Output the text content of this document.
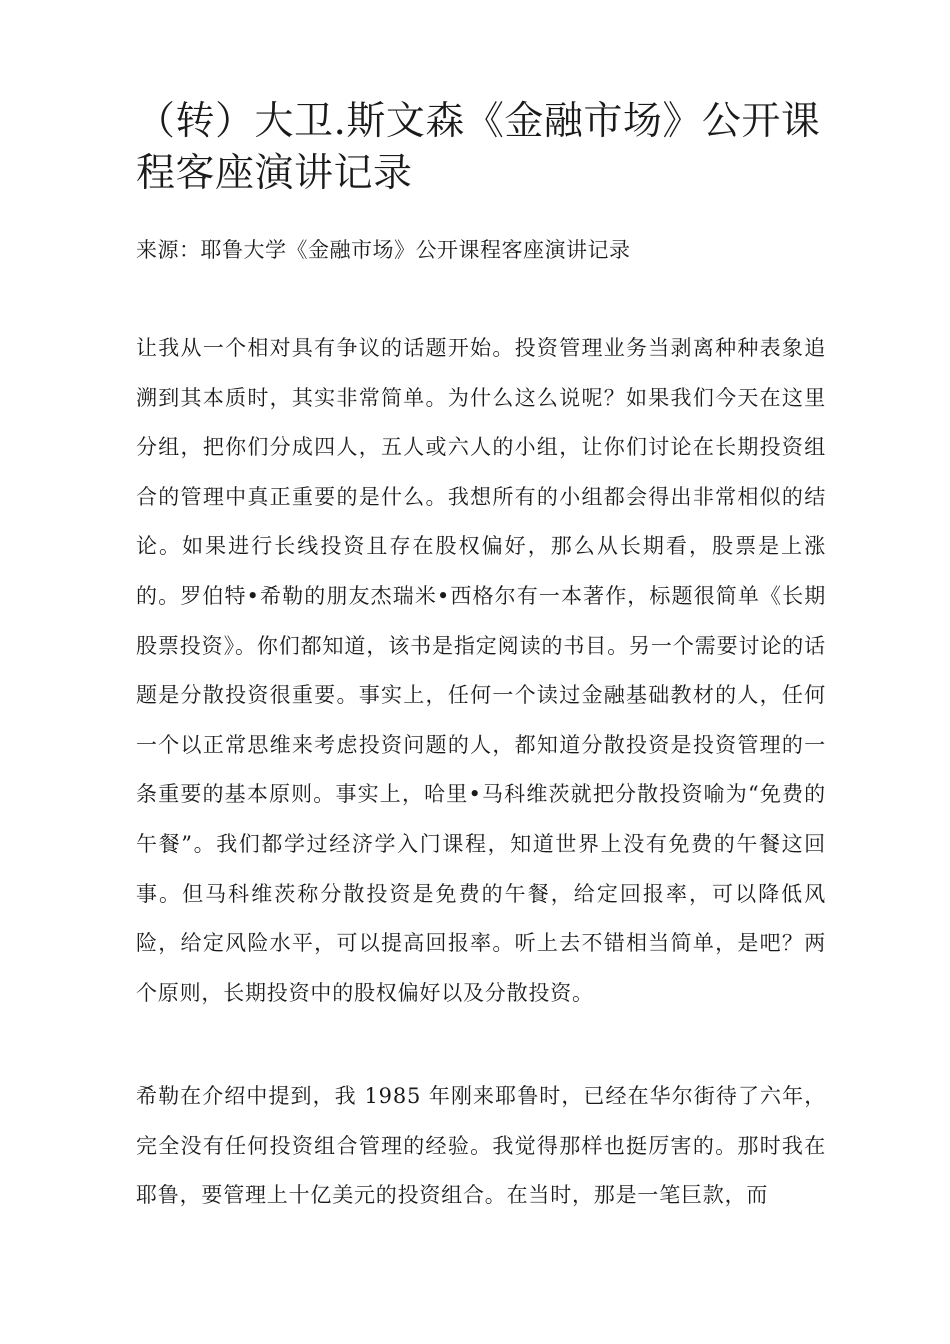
（转）大卫.斯文森《金融市场》公开课程客座演讲记录

来源：耶鲁大学《金融市场》公开课程客座演讲记录

让我从一个相对具有争议的话题开始。投资管理业务当剥离种种表象追溯到其本质时，其实非常简单。为什么这么说呢？如果我们今天在这里分组，把你们分成四人，五人或六人的小组，让你们讨论在长期投资组合的管理中真正重要的是什么。我想所有的小组都会得出非常相似的结论。如果进行长线投资且存在股权偏好，那么从长期看，股票是上涨的。罗伯特•希勒的朋友杰瑞米•西格尔有一本著作，标题很简单《长期股票投资》。你们都知道，该书是指定阅读的书目。另一个需要讨论的话题是分散投资很重要。事实上，任何一个读过金融基础教材的人，任何一个以正常思维来考虑投资问题的人，都知道分散投资是投资管理的一条重要的基本原则。事实上，哈里•马科维茨就把分散投资喻为“免费的午餐”。我们都学过经济学入门课程，知道世界上没有免费的午餐这回事。但马科维茨称分散投资是免费的午餐，给定回报率，可以降低风险，给定风险水平，可以提高回报率。听上去不错相当简单，是吧？两个原则，长期投资中的股权偏好以及分散投资。

希勒在介绍中提到，我 1985 年刚来耶鲁时，已经在华尔街待了六年，完全没有任何投资组合管理的经验。我觉得那样也挺厉害的。那时我在耶鲁，要管理上十亿美元的投资组合。在当时，那是一笔巨款，而
